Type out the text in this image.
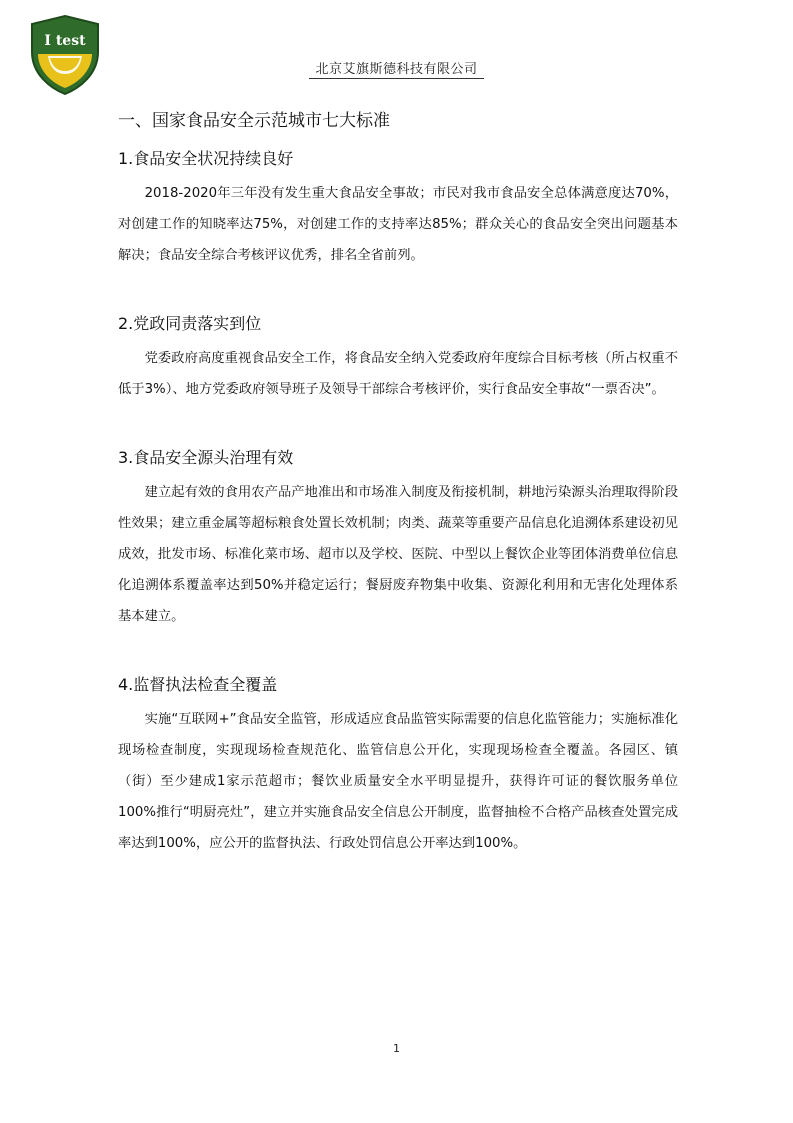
I test
北京艾旗斯德科技有限公司
一、国家食品安全示范城市七大标准
1.食品安全状况持续良好

2018-2020年三年没有发生重大食品安全事故；市民对我市食品安全总体满意度达70%，对创建工作的知晓率达75%，对创建工作的支持率达85%；群众关心的食品安全突出问题基本解决；食品安全综合考核评议优秀，排名全省前列。

2.党政同责落实到位

党委政府高度重视食品安全工作，将食品安全纳入党委政府年度综合目标考核（所占权重不低于3%）、地方党委政府领导班子及领导干部综合考核评价，实行食品安全事故“一票否决”。

3.食品安全源头治理有效

建立起有效的食用农产品产地准出和市场准入制度及衔接机制，耕地污染源头治理取得阶段性效果；建立重金属等超标粮食处置长效机制；肉类、蔬菜等重要产品信息化追溯体系建设初见成效，批发市场、标准化菜市场、超市以及学校、医院、中型以上餐饮企业等团体消费单位信息化追溯体系覆盖率达到50%并稳定运行；餐厨废弃物集中收集、资源化利用和无害化处理体系基本建立。

4.监督执法检查全覆盖

实施“互联网+”食品安全监管，形成适应食品监管实际需要的信息化监管能力；实施标准化现场检查制度，实现现场检查规范化、监管信息公开化，实现现场检查全覆盖。各园区、镇（街）至少建成1家示范超市；餐饮业质量安全水平明显提升，获得许可证的餐饮服务单位100%推行“明厨亮灶”，建立并实施食品安全信息公开制度，监督抽检不合格产品核查处置完成率达到100%，应公开的监督执法、行政处罚信息公开率达到100%。

1
